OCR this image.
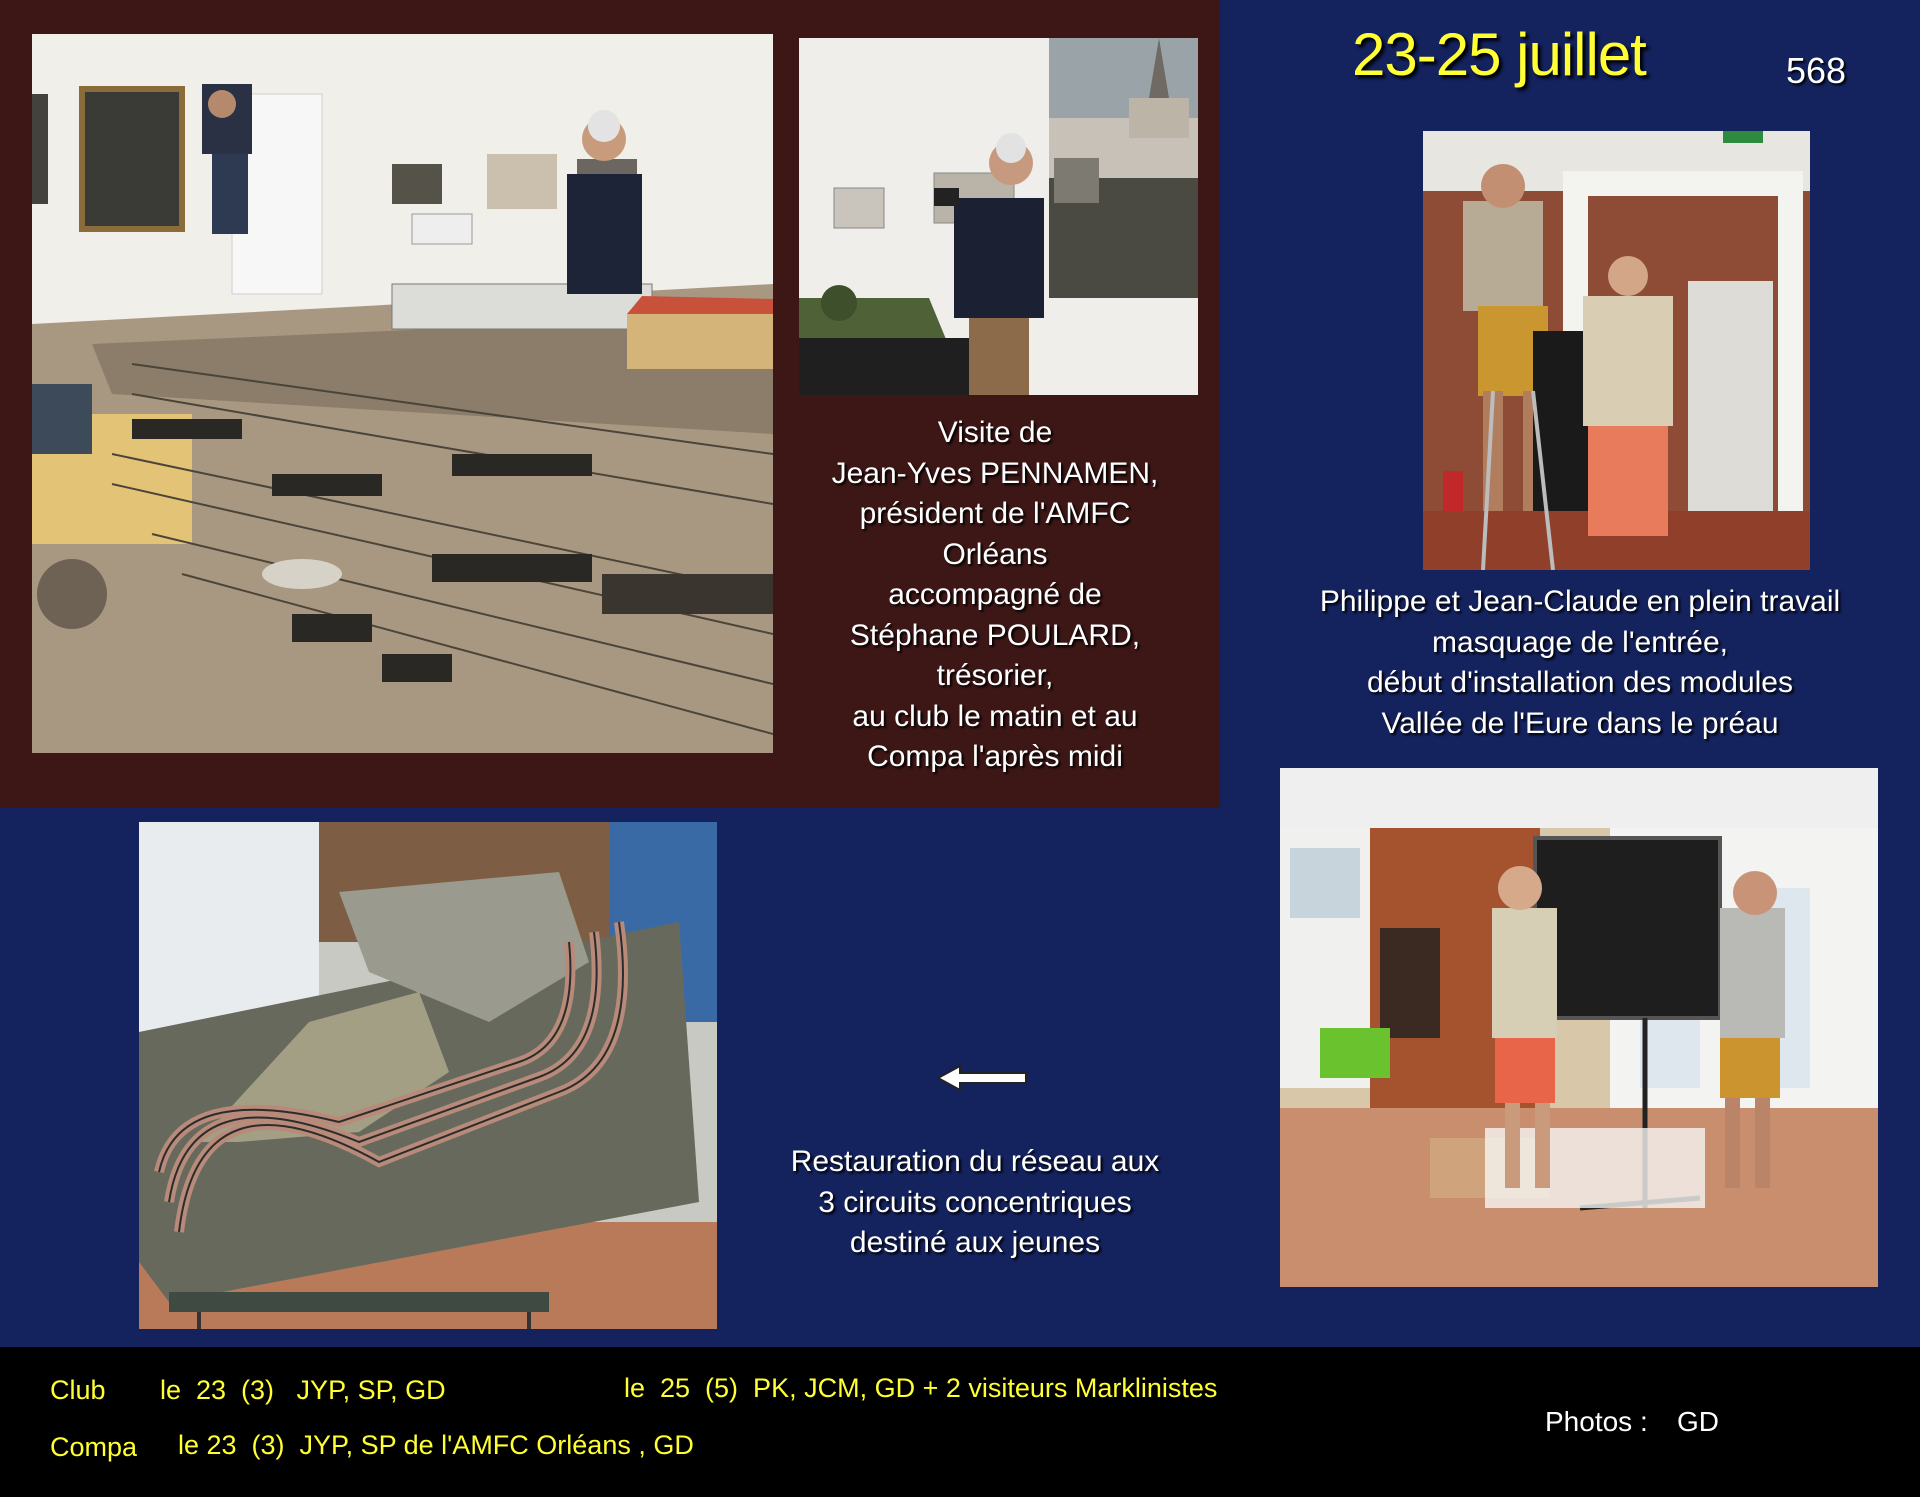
23-25 juillet	568
Visite de
Jean-Yves PENNAMEN,
président de l'AMFC
Orléans
accompagné de
Stéphane POULARD,
trésorier,
au club le matin et au
Compa l'après midi
Philippe et Jean-Claude en plein travail
masquage de l'entrée,
début d'installation des modules
Vallée de l'Eure dans le préau
Restauration du réseau aux
3 circuits concentriques
destiné aux jeunes
Club le  23  (3)   JYP, SP, GD	le  25  (5)  PK, JCM, GD + 2 visiteurs Marklinistes
Compa le 23  (3)  JYP, SP de l'AMFC Orléans , GD
Photos : GD
